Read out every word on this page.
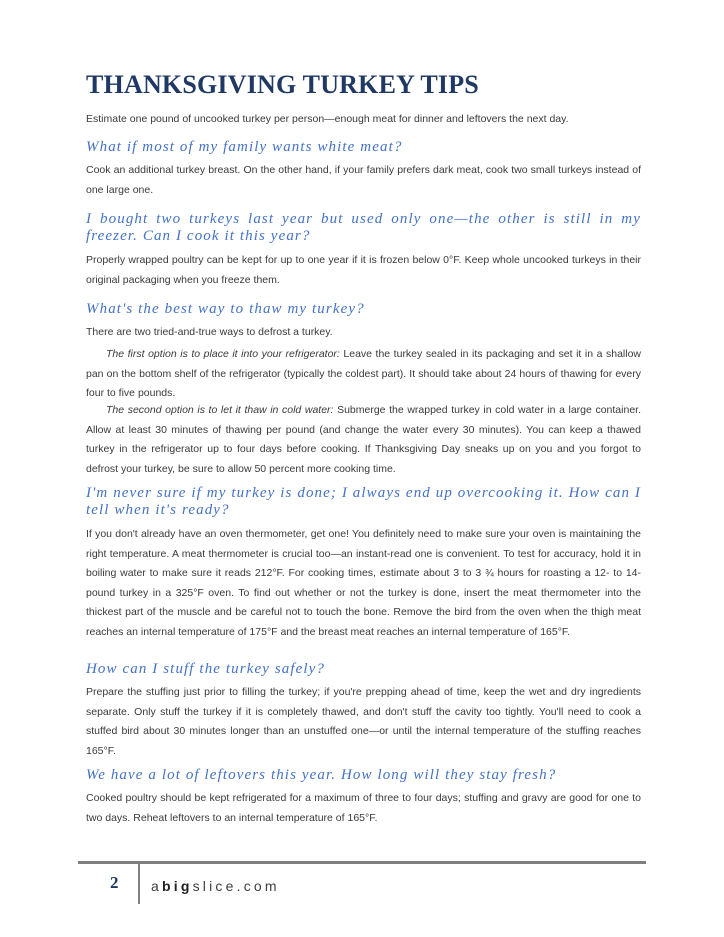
THANKSGIVING TURKEY TIPS

Estimate one pound of uncooked turkey per person—enough meat for dinner and leftovers the next day.

What if most of my family wants white meat?

Cook an additional turkey breast. On the other hand, if your family prefers dark meat, cook two small turkeys instead of one large one.

I bought two turkeys last year but used only one—the other is still in my freezer. Can I cook it this year?

Properly wrapped poultry can be kept for up to one year if it is frozen below 0°F. Keep whole uncooked turkeys in their original packaging when you freeze them.

What's the best way to thaw my turkey?

There are two tried-and-true ways to defrost a turkey.

The first option is to place it into your refrigerator: Leave the turkey sealed in its packaging and set it in a shallow pan on the bottom shelf of the refrigerator (typically the coldest part). It should take about 24 hours of thawing for every four to five pounds.

The second option is to let it thaw in cold water: Submerge the wrapped turkey in cold water in a large container. Allow at least 30 minutes of thawing per pound (and change the water every 30 minutes). You can keep a thawed turkey in the refrigerator up to four days before cooking. If Thanksgiving Day sneaks up on you and you forgot to defrost your turkey, be sure to allow 50 percent more cooking time.

I'm never sure if my turkey is done; I always end up overcooking it. How can I tell when it's ready?

If you don't already have an oven thermometer, get one! You definitely need to make sure your oven is maintaining the right temperature. A meat thermometer is crucial too—an instant-read one is convenient. To test for accuracy, hold it in boiling water to make sure it reads 212°F. For cooking times, estimate about 3 to 3 ¾ hours for roasting a 12- to 14-pound turkey in a 325°F oven. To find out whether or not the turkey is done, insert the meat thermometer into the thickest part of the muscle and be careful not to touch the bone. Remove the bird from the oven when the thigh meat reaches an internal temperature of 175°F and the breast meat reaches an internal temperature of 165°F.

How can I stuff the turkey safely?

Prepare the stuffing just prior to filling the turkey; if you're prepping ahead of time, keep the wet and dry ingredients separate. Only stuff the turkey if it is completely thawed, and don't stuff the cavity too tightly. You'll need to cook a stuffed bird about 30 minutes longer than an unstuffed one—or until the internal temperature of the stuffing reaches 165°F.

We have a lot of leftovers this year. How long will they stay fresh?

Cooked poultry should be kept refrigerated for a maximum of three to four days; stuffing and gravy are good for one to two days. Reheat leftovers to an internal temperature of 165°F.

2 abigslice.com
